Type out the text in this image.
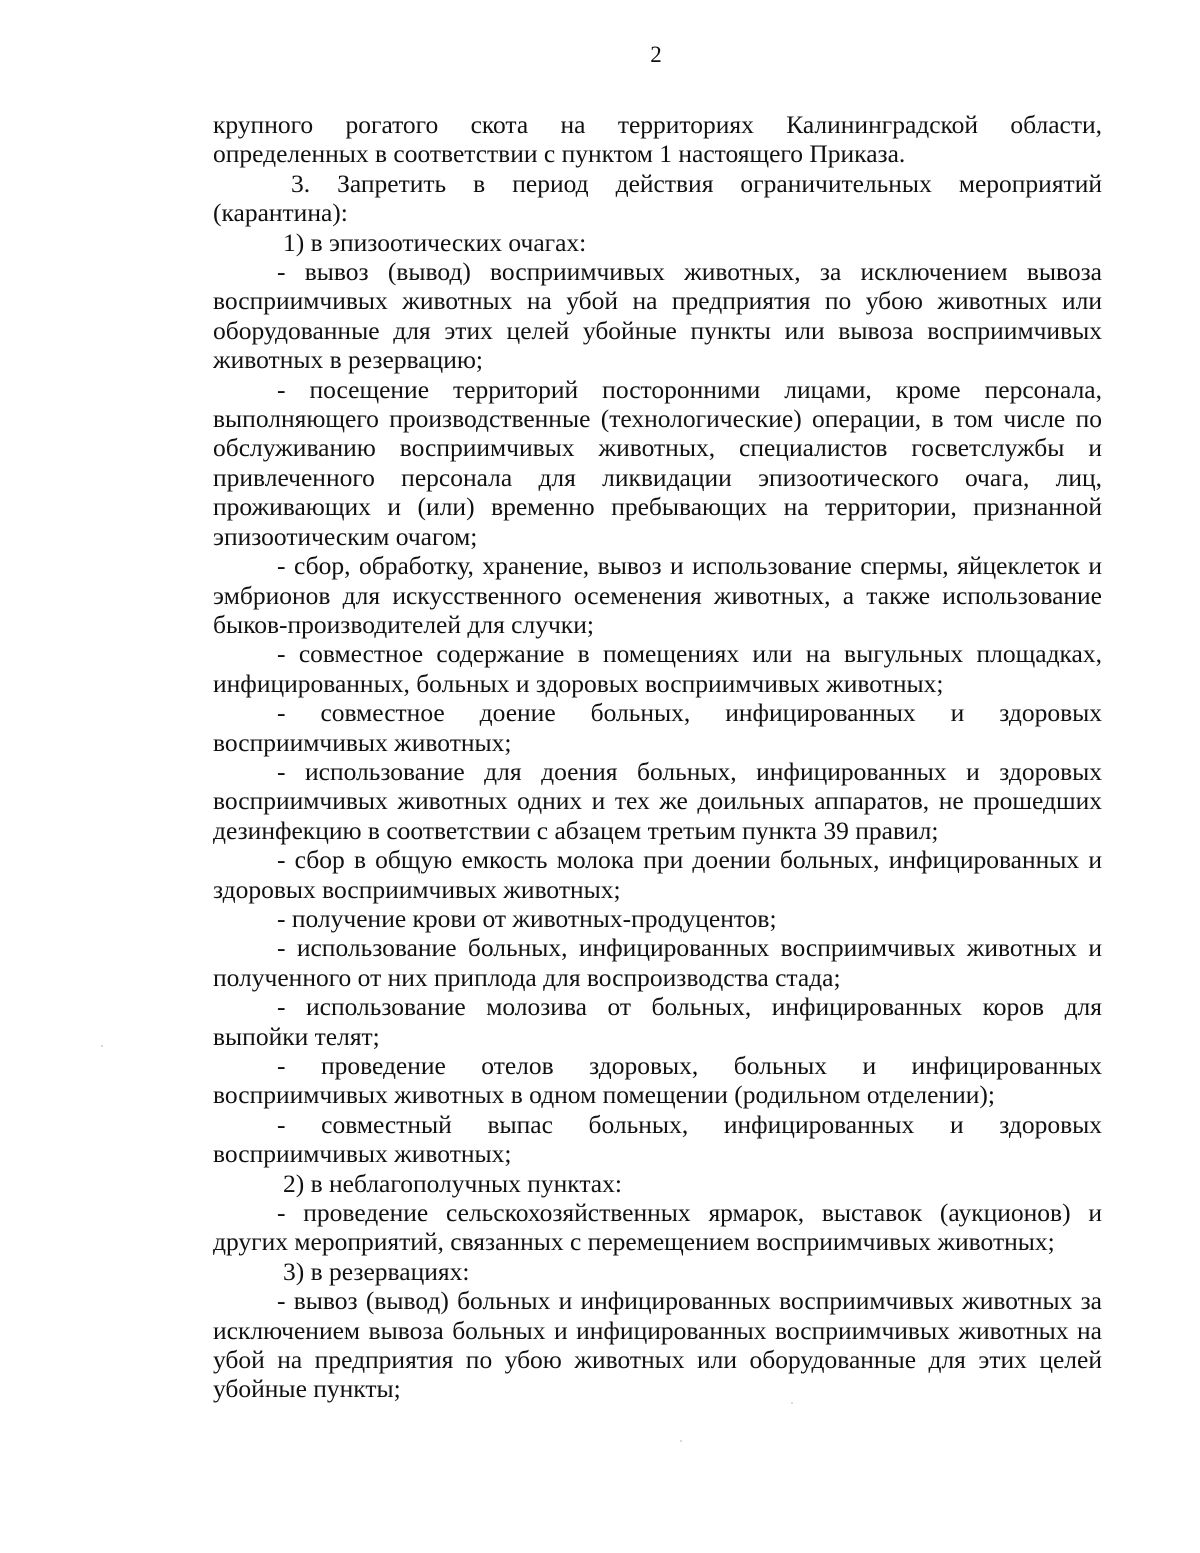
2

крупного рогатого скота на территориях Калининградской области, определенных в соответствии с пунктом 1 настоящего Приказа.

3. Запретить в период действия ограничительных мероприятий (карантина):

1) в эпизоотических очагах:

- вывоз (вывод) восприимчивых животных, за исключением вывоза восприимчивых животных на убой на предприятия по убою животных или оборудованные для этих целей убойные пункты или вывоза восприимчивых животных в резервацию;

- посещение территорий посторонними лицами, кроме персонала, выполняющего производственные (технологические) операции, в том числе по обслуживанию восприимчивых животных, специалистов госветслужбы и привлеченного персонала для ликвидации эпизоотического очага, лиц, проживающих и (или) временно пребывающих на территории, признанной эпизоотическим очагом;

- сбор, обработку, хранение, вывоз и использование спермы, яйцеклеток и эмбрионов для искусственного осеменения животных, а также использование быков-производителей для случки;

- совместное содержание в помещениях или на выгульных площадках, инфицированных, больных и здоровых восприимчивых животных;

- совместное доение больных, инфицированных и здоровых восприимчивых животных;

- использование для доения больных, инфицированных и здоровых восприимчивых животных одних и тех же доильных аппаратов, не прошедших дезинфекцию в соответствии с абзацем третьим пункта 39 правил;

- сбор в общую емкость молока при доении больных, инфицированных и здоровых восприимчивых животных;

- получение крови от животных-продуцентов;

- использование больных, инфицированных восприимчивых животных и полученного от них приплода для воспроизводства стада;

- использование молозива от больных, инфицированных коров для выпойки телят;

- проведение отелов здоровых, больных и инфицированных восприимчивых животных в одном помещении (родильном отделении);

- совместный выпас больных, инфицированных и здоровых восприимчивых животных;

2) в неблагополучных пунктах:

- проведение сельскохозяйственных ярмарок, выставок (аукционов) и других мероприятий, связанных с перемещением восприимчивых животных;

3) в резервациях:

- вывоз (вывод) больных и инфицированных восприимчивых животных за исключением вывоза больных и инфицированных восприимчивых животных на убой на предприятия по убою животных или оборудованные для этих целей убойные пункты;
